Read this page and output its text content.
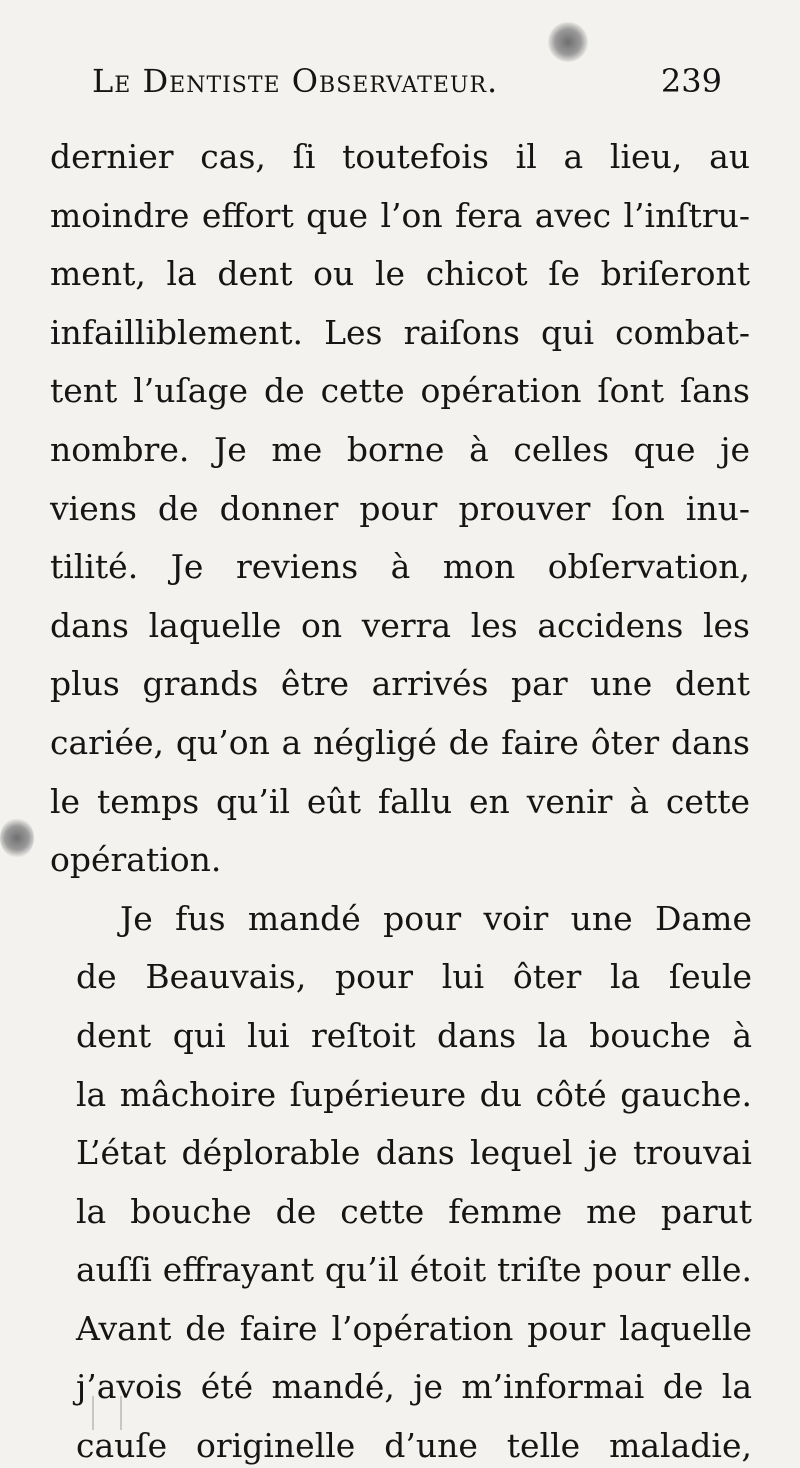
Le Dentiste Observateur.	239
dernier cas, ſi toutefois il a lieu, au
moindre effort que l’on fera avec l’inſtru-
ment, la dent ou le chicot ſe briſeront
infailliblement. Les raiſons qui combat-
tent l’uſage de cette opération ſont ſans
nombre. Je me borne à celles que je
viens de donner pour prouver ſon inu-
tilité. Je reviens à mon obſervation,
dans laquelle on verra les accidens les
plus grands être arrivés par une dent
cariée, qu’on a négligé de faire ôter dans
le temps qu’il eût fallu en venir à cette
opération.
Je fus mandé pour voir une Dame
de Beauvais, pour lui ôter la ſeule
dent qui lui reſtoit dans la bouche à
la mâchoire ſupérieure du côté gauche.
L’état déplorable dans lequel je trouvai
la bouche de cette femme me parut
auſſi effrayant qu’il étoit triſte pour elle.
Avant de faire l’opération pour laquelle
j’avois été mandé, je m’informai de la
cauſe originelle d’une telle maladie,
